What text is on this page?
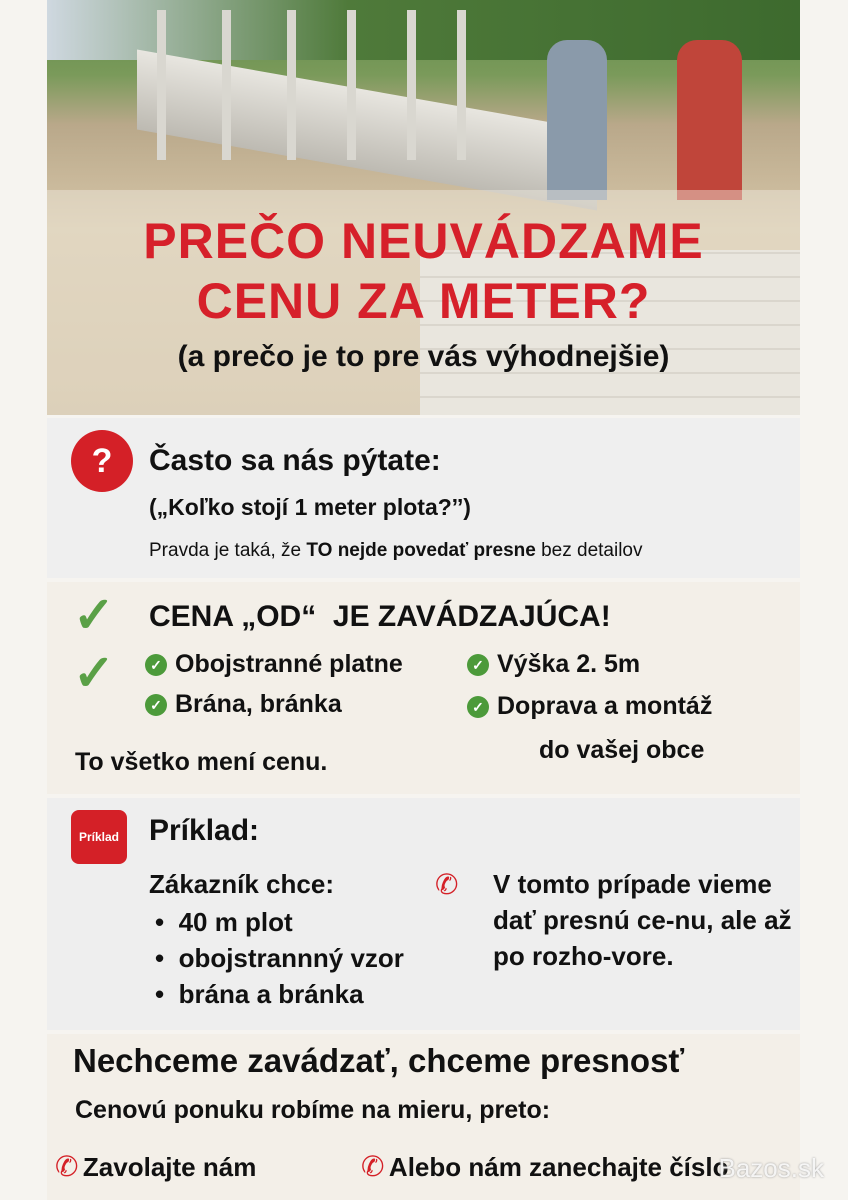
PREČO NEUVÁDZAME
CENU ZA METER?
(a prečo je to pre vás výhodnejšie)
?	Často sa nás pýtate:
(„Koľko stojí 1 meter plota?ˮ)
Pravda je taká, že TO nejde povedať presne bez detailov
✓
✓
CENA „OD“  JE ZAVÁDZAJÚCA!
✓ Obojstranné platne
✓ Bránа, bránka
✓ Výška 2. 5m
✓ Doprava a montáž
do vašej obce
To všetko mení cenu.
Príklad Príklad:
Zákazník chce:
•  40 m plot
•  obojstrannný vzor
•  brána a bránka
✆ V tomto prípade vieme dať presnú ce-nu, ale až po rozho-vore.
Nechceme zavádzať, chceme presnosť
Cenovú ponuku robíme na mieru, preto:
✆ Zavolajte nám	✆ Alebo nám zanechajte číslo
Bazos.sk
